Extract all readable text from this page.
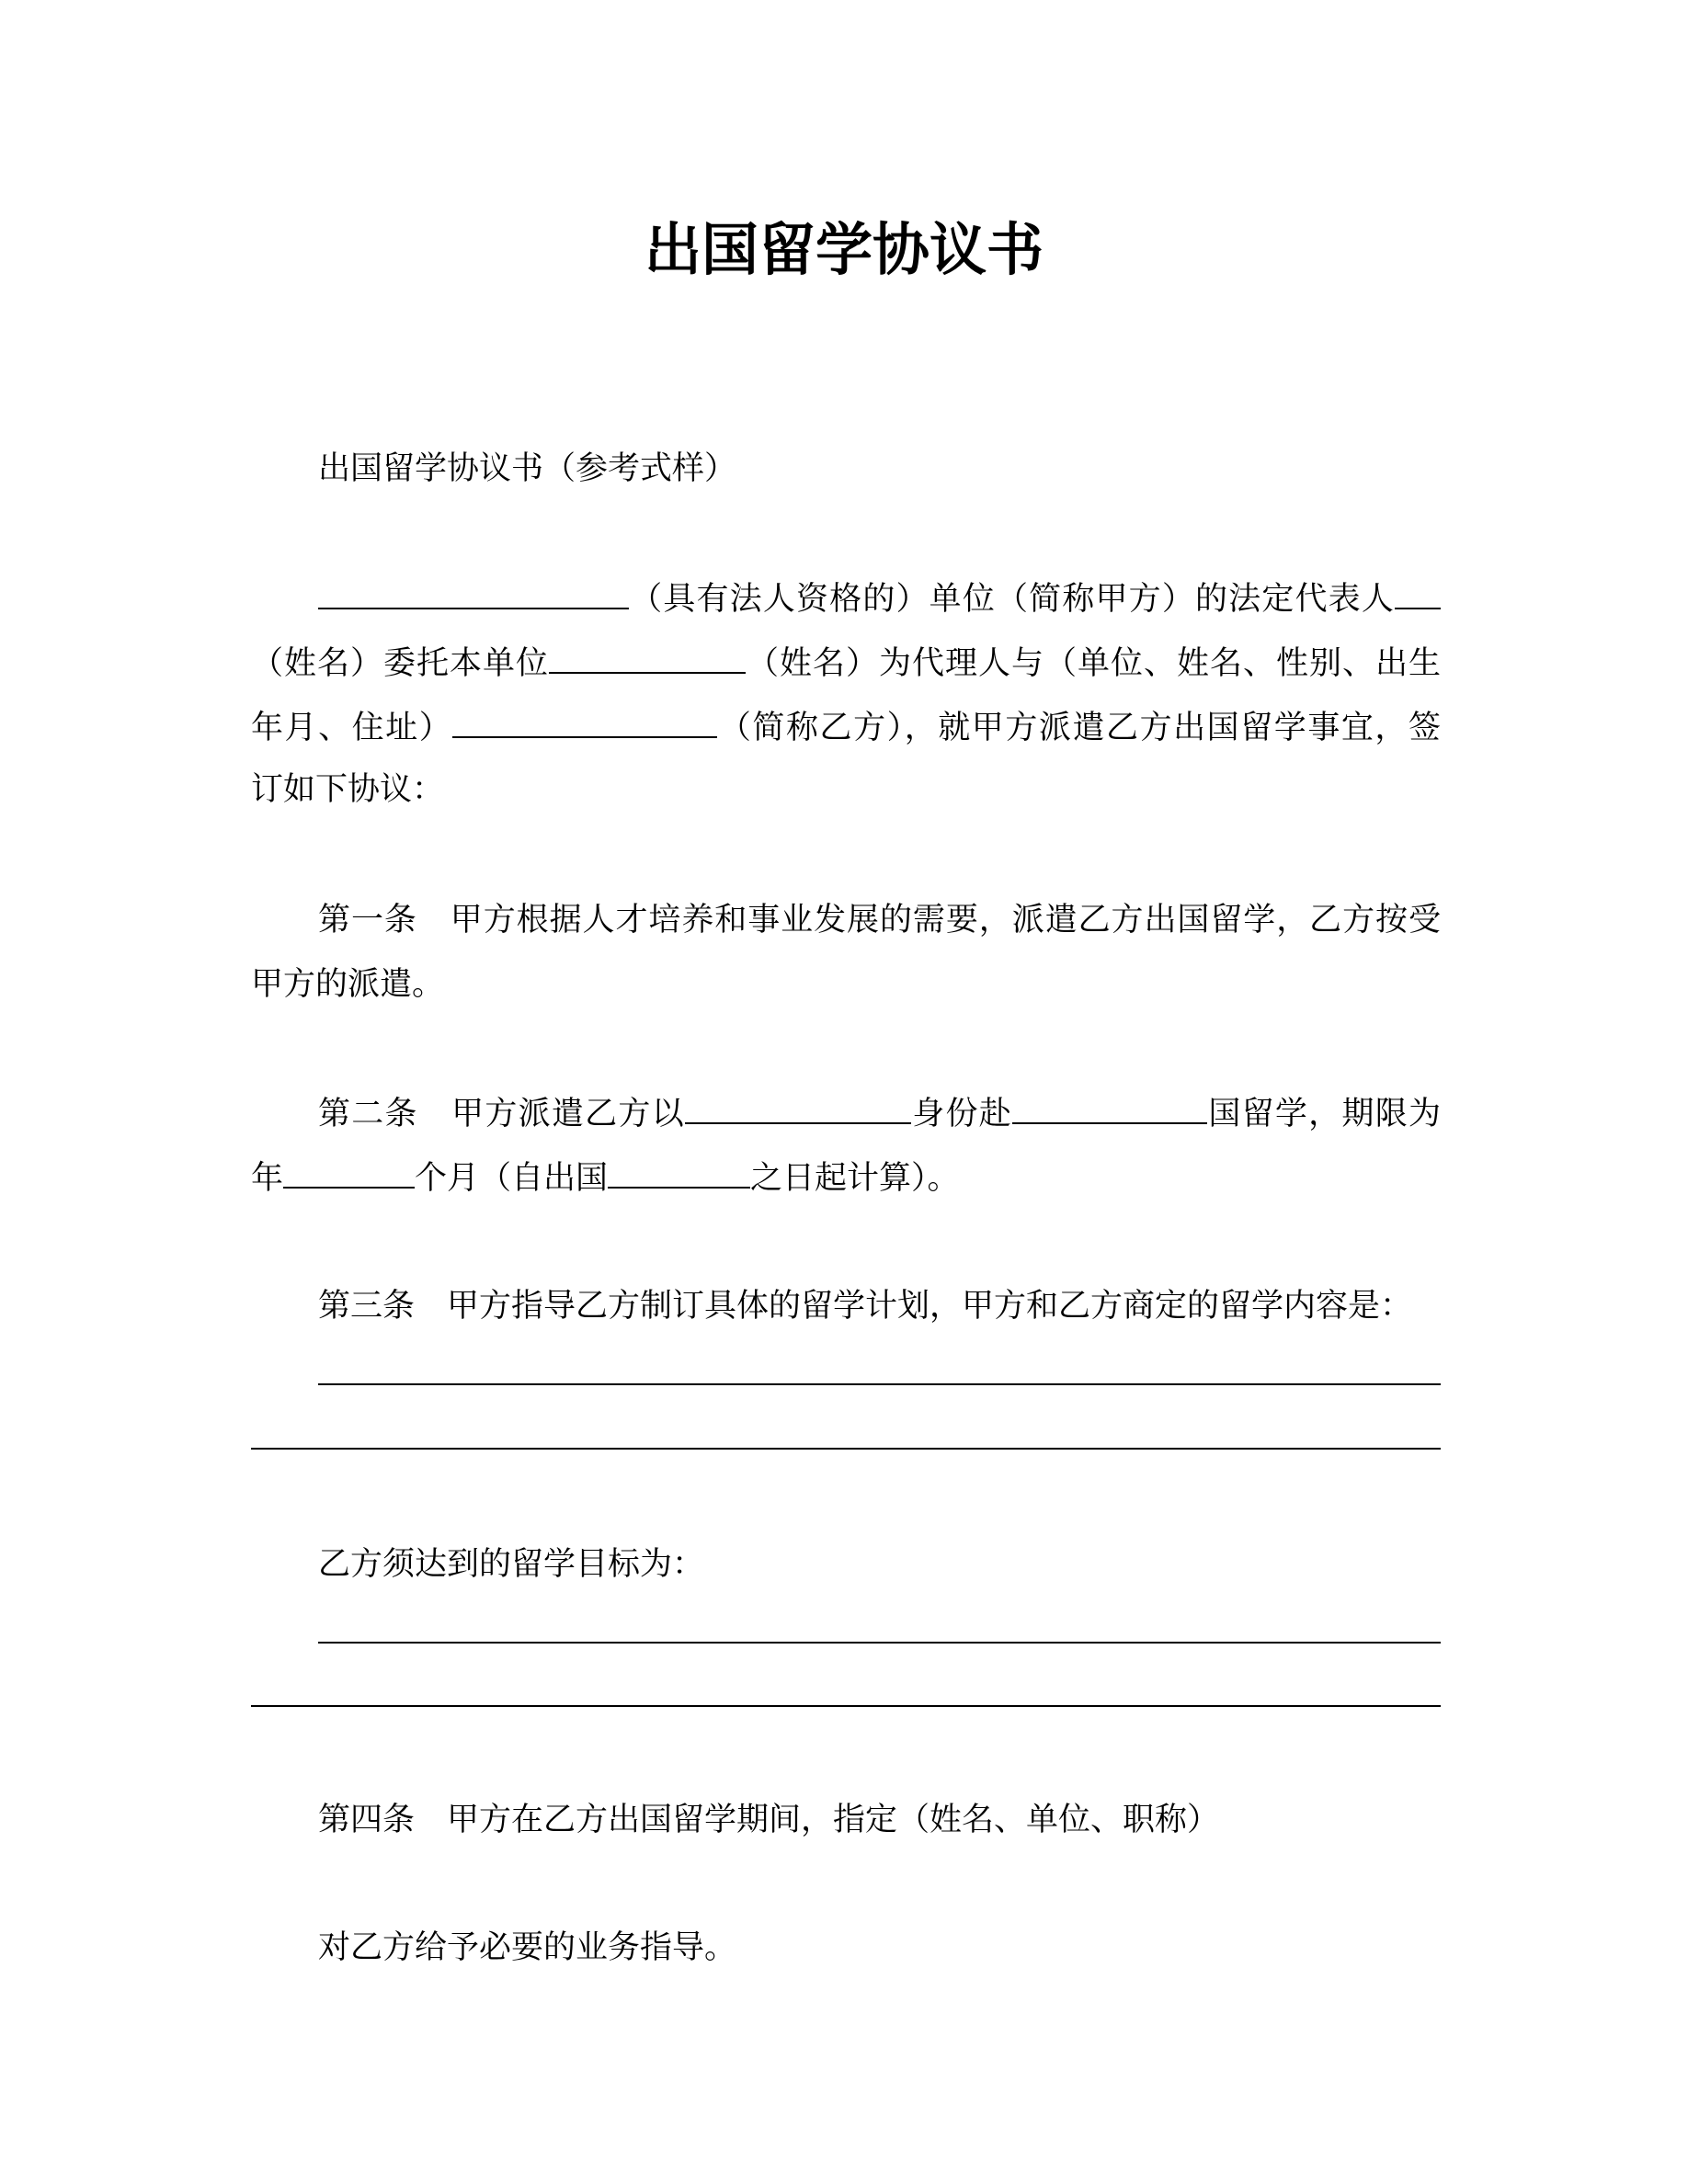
出国留学协议书
出国留学协议书（参考式样）
（具有法人资格的）单位（简称甲方）的法定代表人
（姓名）委托本单位	（姓名）为代理人与（单位、姓名、性别、出生
年月、住址）	（简称乙方），就甲方派遣乙方出国留学事宜，签
订如下协议：
第一条　甲方根据人才培养和事业发展的需要，派遣乙方出国留学，乙方按受
甲方的派遣。
第二条　甲方派遣乙方以	身份赴	国留学，期限为
年	个月（自出国	之日起计算）。
第三条　甲方指导乙方制订具体的留学计划，甲方和乙方商定的留学内容是：
乙方须达到的留学目标为：
第四条　甲方在乙方出国留学期间，指定（姓名、单位、职称）
对乙方给予必要的业务指导。
